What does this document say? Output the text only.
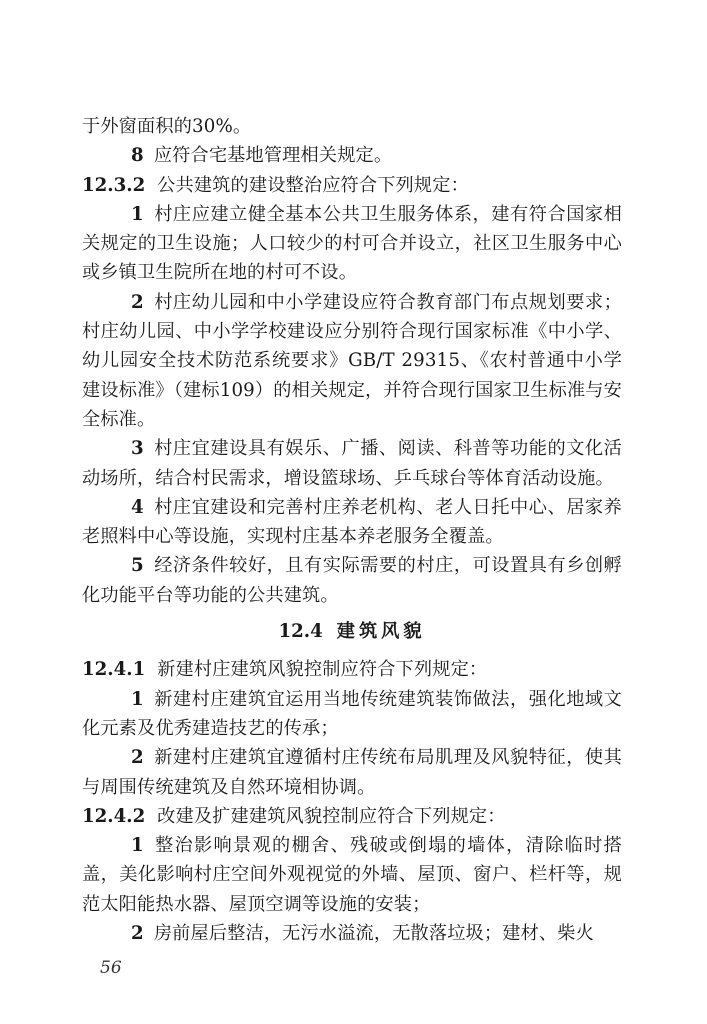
于外窗面积的30%。

8 应符合宅基地管理相关规定。

12.3.2 公共建筑的建设整治应符合下列规定：

1 村庄应建立健全基本公共卫生服务体系，建有符合国家相关规定的卫生设施；人口较少的村可合并设立，社区卫生服务中心或乡镇卫生院所在地的村可不设。

2 村庄幼儿园和中小学建设应符合教育部门布点规划要求；村庄幼儿园、中小学学校建设应分别符合现行国家标准《中小学、幼儿园安全技术防范系统要求》GB/T 29315、《农村普通中小学建设标准》（建标109）的相关规定，并符合现行国家卫生标准与安全标准。

3 村庄宜建设具有娱乐、广播、阅读、科普等功能的文化活动场所，结合村民需求，增设篮球场、乒乓球台等体育活动设施。

4 村庄宜建设和完善村庄养老机构、老人日托中心、居家养老照料中心等设施，实现村庄基本养老服务全覆盖。

5 经济条件较好，且有实际需要的村庄，可设置具有乡创孵化功能平台等功能的公共建筑。

12.4 建筑风貌

12.4.1 新建村庄建筑风貌控制应符合下列规定：

1 新建村庄建筑宜运用当地传统建筑装饰做法，强化地域文化元素及优秀建造技艺的传承；

2 新建村庄建筑宜遵循村庄传统布局肌理及风貌特征，使其与周围传统建筑及自然环境相协调。

12.4.2 改建及扩建建筑风貌控制应符合下列规定：

1 整治影响景观的棚舍、残破或倒塌的墙体，清除临时搭盖，美化影响村庄空间外观视觉的外墙、屋顶、窗户、栏杆等，规范太阳能热水器、屋顶空调等设施的安装；

2 房前屋后整洁，无污水溢流，无散落垃圾；建材、柴火

56
